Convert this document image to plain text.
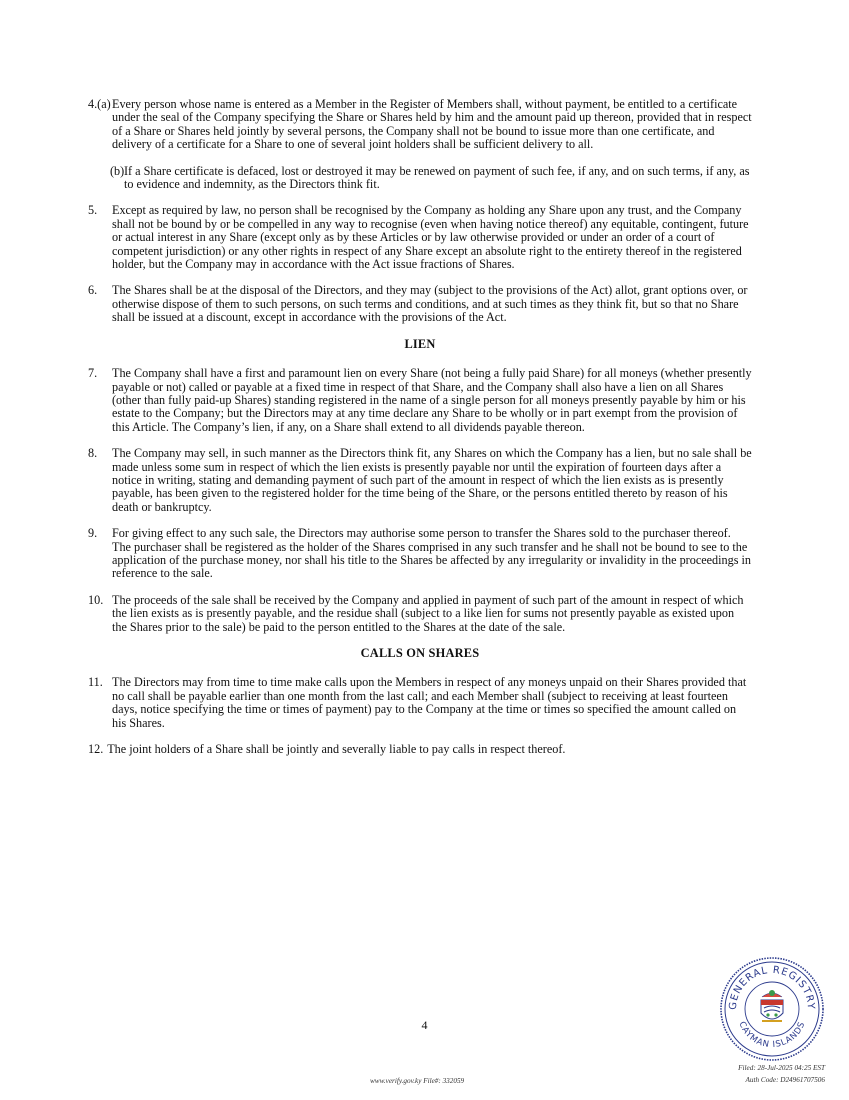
4.(a) Every person whose name is entered as a Member in the Register of Members shall, without payment, be entitled to a certificate under the seal of the Company specifying the Share or Shares held by him and the amount paid up thereon, provided that in respect of a Share or Shares held jointly by several persons, the Company shall not be bound to issue more than one certificate, and delivery of a certificate for a Share to one of several joint holders shall be sufficient delivery to all.
(b) If a Share certificate is defaced, lost or destroyed it may be renewed on payment of such fee, if any, and on such terms, if any, as to evidence and indemnity, as the Directors think fit.
5. Except as required by law, no person shall be recognised by the Company as holding any Share upon any trust, and the Company shall not be bound by or be compelled in any way to recognise (even when having notice thereof) any equitable, contingent, future or actual interest in any Share (except only as by these Articles or by law otherwise provided or under an order of a court of competent jurisdiction) or any other rights in respect of any Share except an absolute right to the entirety thereof in the registered holder, but the Company may in accordance with the Act issue fractions of Shares.
6. The Shares shall be at the disposal of the Directors, and they may (subject to the provisions of the Act) allot, grant options over, or otherwise dispose of them to such persons, on such terms and conditions, and at such times as they think fit, but so that no Share shall be issued at a discount, except in accordance with the provisions of the Act.
LIEN
7. The Company shall have a first and paramount lien on every Share (not being a fully paid Share) for all moneys (whether presently payable or not) called or payable at a fixed time in respect of that Share, and the Company shall also have a lien on all Shares (other than fully paid-up Shares) standing registered in the name of a single person for all moneys presently payable by him or his estate to the Company; but the Directors may at any time declare any Share to be wholly or in part exempt from the provision of this Article. The Company’s lien, if any, on a Share shall extend to all dividends payable thereon.
8. The Company may sell, in such manner as the Directors think fit, any Shares on which the Company has a lien, but no sale shall be made unless some sum in respect of which the lien exists is presently payable nor until the expiration of fourteen days after a notice in writing, stating and demanding payment of such part of the amount in respect of which the lien exists as is presently payable, has been given to the registered holder for the time being of the Share, or the persons entitled thereto by reason of his death or bankruptcy.
9. For giving effect to any such sale, the Directors may authorise some person to transfer the Shares sold to the purchaser thereof. The purchaser shall be registered as the holder of the Shares comprised in any such transfer and he shall not be bound to see to the application of the purchase money, nor shall his title to the Shares be affected by any irregularity or invalidity in the proceedings in reference to the sale.
10. The proceeds of the sale shall be received by the Company and applied in payment of such part of the amount in respect of which the lien exists as is presently payable, and the residue shall (subject to a like lien for sums not presently payable as existed upon the Shares prior to the sale) be paid to the person entitled to the Shares at the date of the sale.
CALLS ON SHARES
11. The Directors may from time to time make calls upon the Members in respect of any moneys unpaid on their Shares provided that no call shall be payable earlier than one month from the last call; and each Member shall (subject to receiving at least fourteen days, notice specifying the time or times of payment) pay to the Company at the time or times so specified the amount called on his Shares.
12. The joint holders of a Share shall be jointly and severally liable to pay calls in respect thereof.
4
GENERAL REGISTRY
CAYMAN ISLANDS
www.verify.gov.ky File#: 332059
Filed: 28-Jul-2025 04:25 EST
Auth Code: D24961707506
